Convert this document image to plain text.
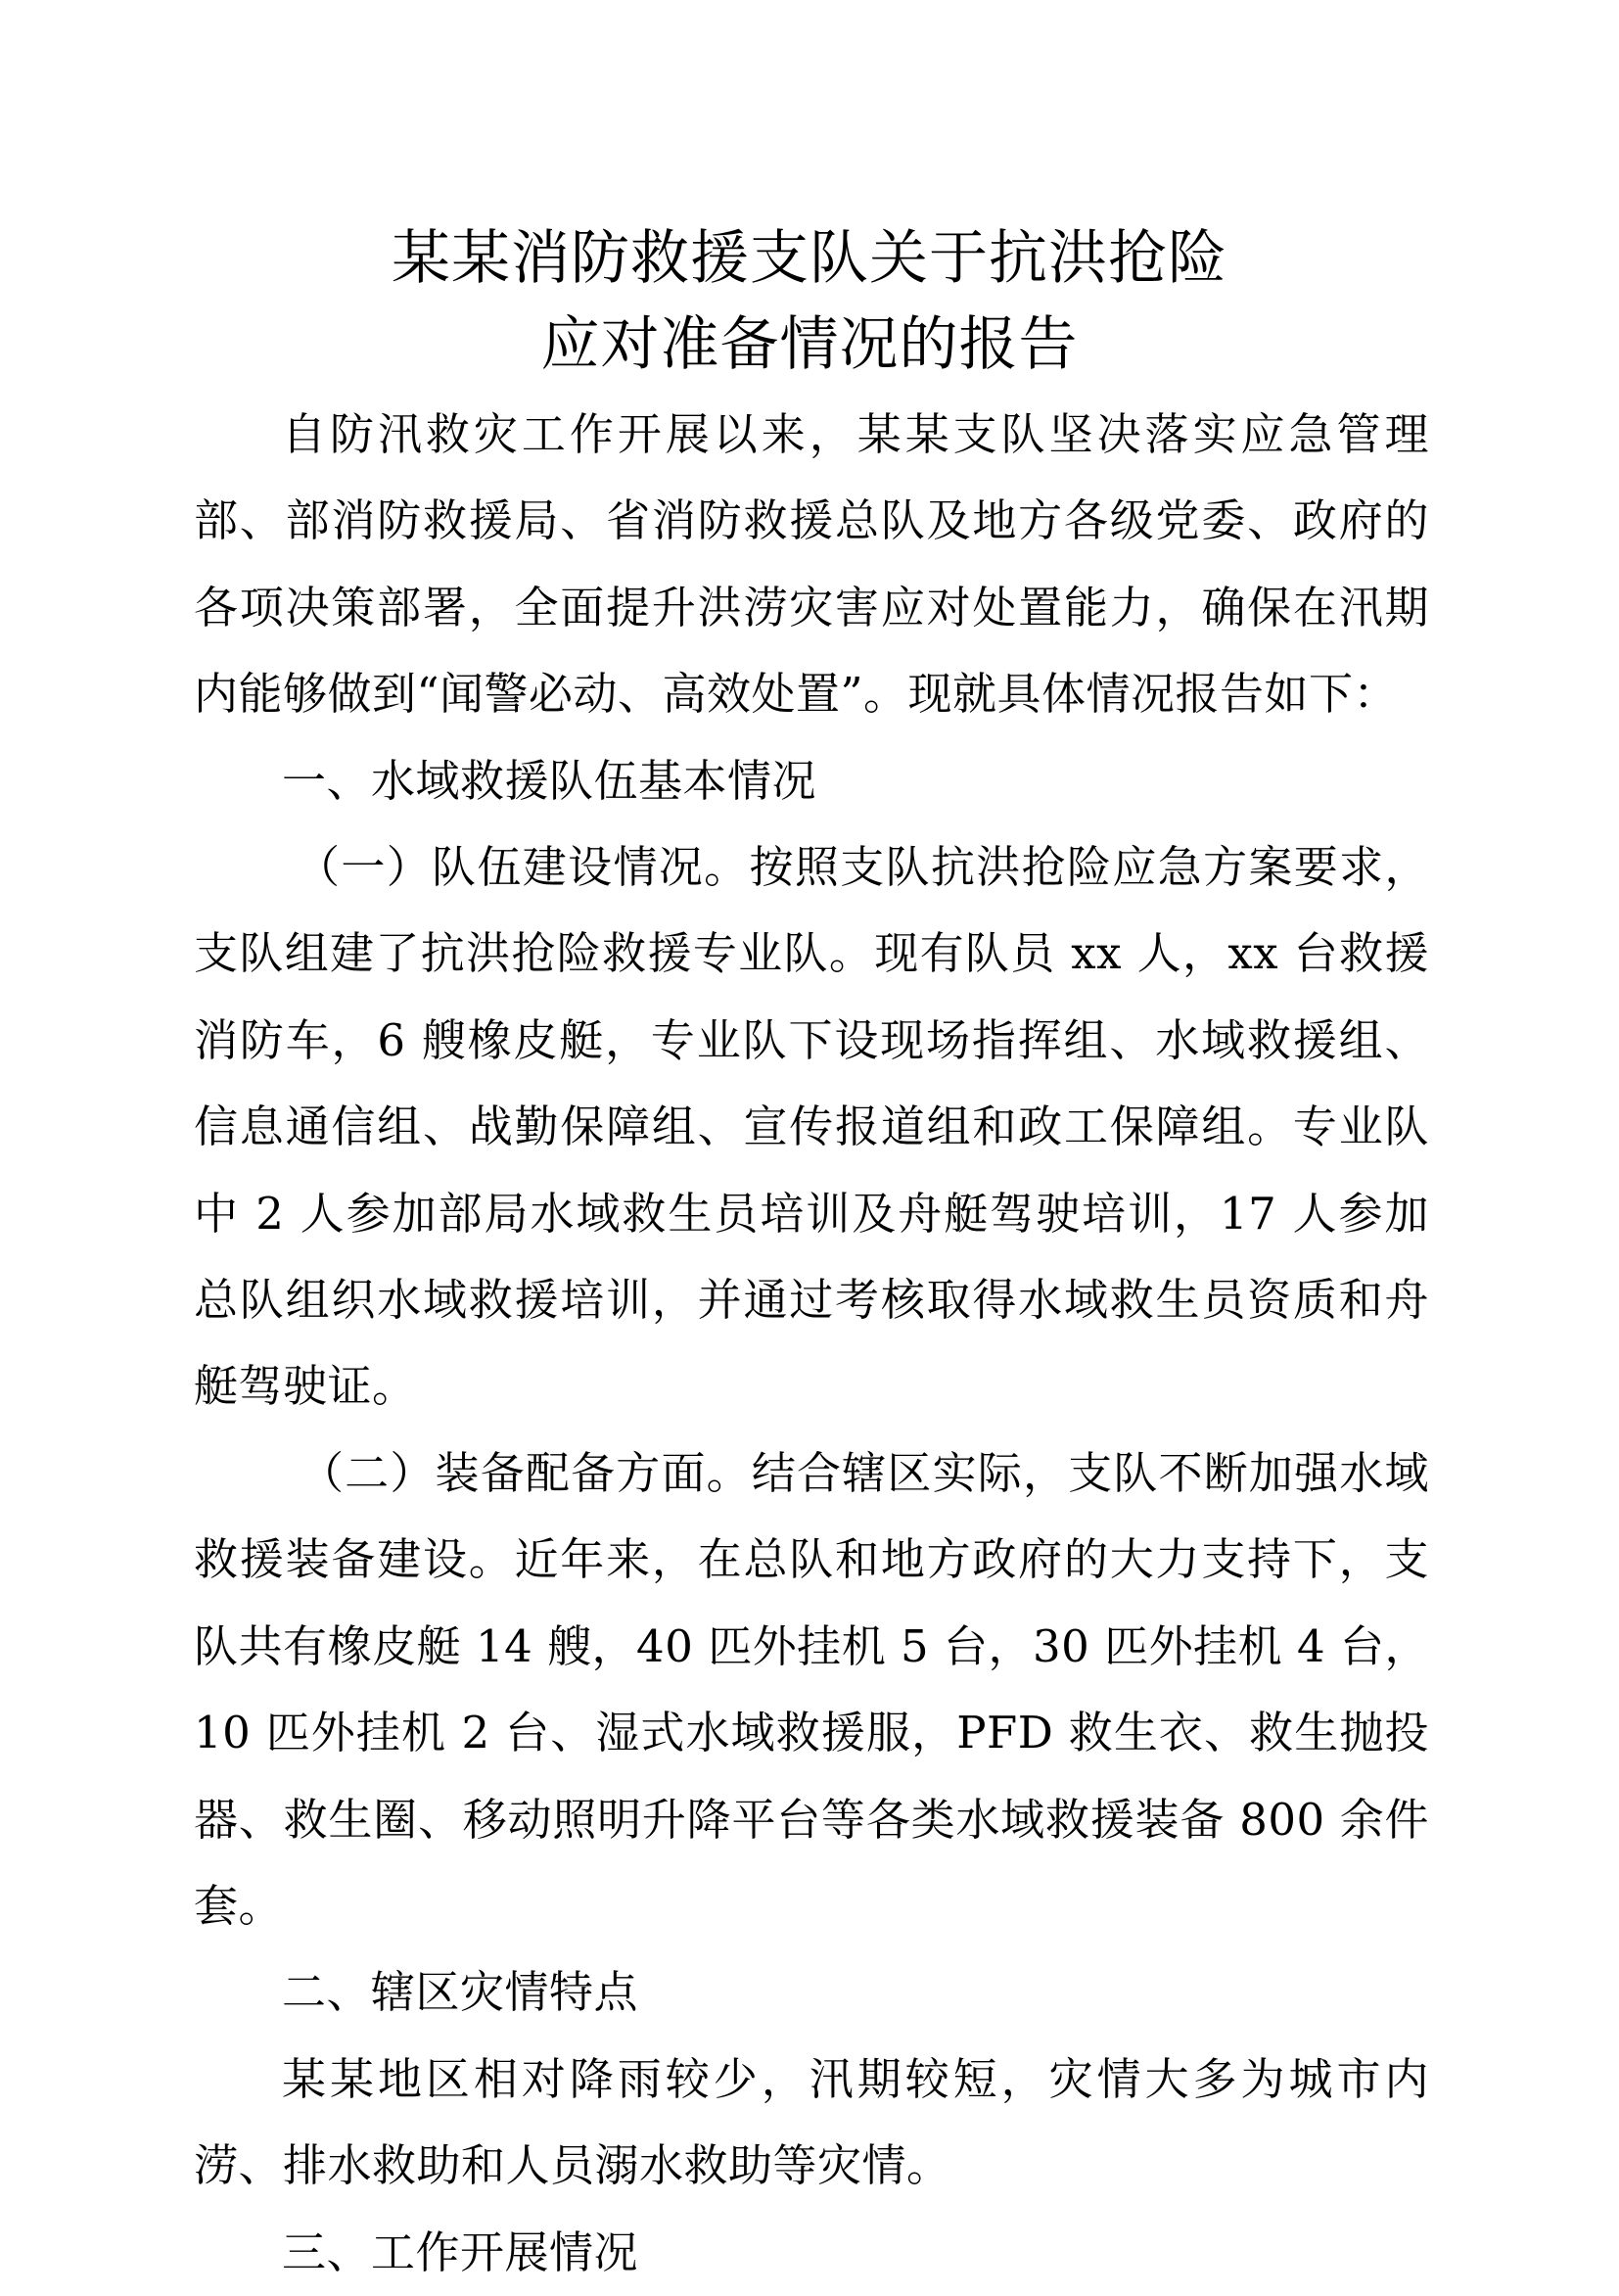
某某消防救援支队关于抗洪抢险
应对准备情况的报告

自防汛救灾工作开展以来，某某支队坚决落实应急管理部、部消防救援局、省消防救援总队及地方各级党委、政府的各项决策部署，全面提升洪涝灾害应对处置能力，确保在汛期内能够做到“闻警必动、高效处置”。现就具体情况报告如下：

一、水域救援队伍基本情况

（一）队伍建设情况。按照支队抗洪抢险应急方案要求，支队组建了抗洪抢险救援专业队。现有队员 xx 人，xx 台救援消防车，6 艘橡皮艇，专业队下设现场指挥组、水域救援组、信息通信组、战勤保障组、宣传报道组和政工保障组。专业队中 2 人参加部局水域救生员培训及舟艇驾驶培训，17 人参加总队组织水域救援培训，并通过考核取得水域救生员资质和舟艇驾驶证。

（二）装备配备方面。结合辖区实际，支队不断加强水域救援装备建设。近年来，在总队和地方政府的大力支持下，支队共有橡皮艇 14 艘，40 匹外挂机 5 台，30 匹外挂机 4 台，10 匹外挂机 2 台、湿式水域救援服，PFD 救生衣、救生抛投器、救生圈、移动照明升降平台等各类水域救援装备 800 余件套。

二、辖区灾情特点

某某地区相对降雨较少，汛期较短，灾情大多为城市内涝、排水救助和人员溺水救助等灾情。

三、工作开展情况
